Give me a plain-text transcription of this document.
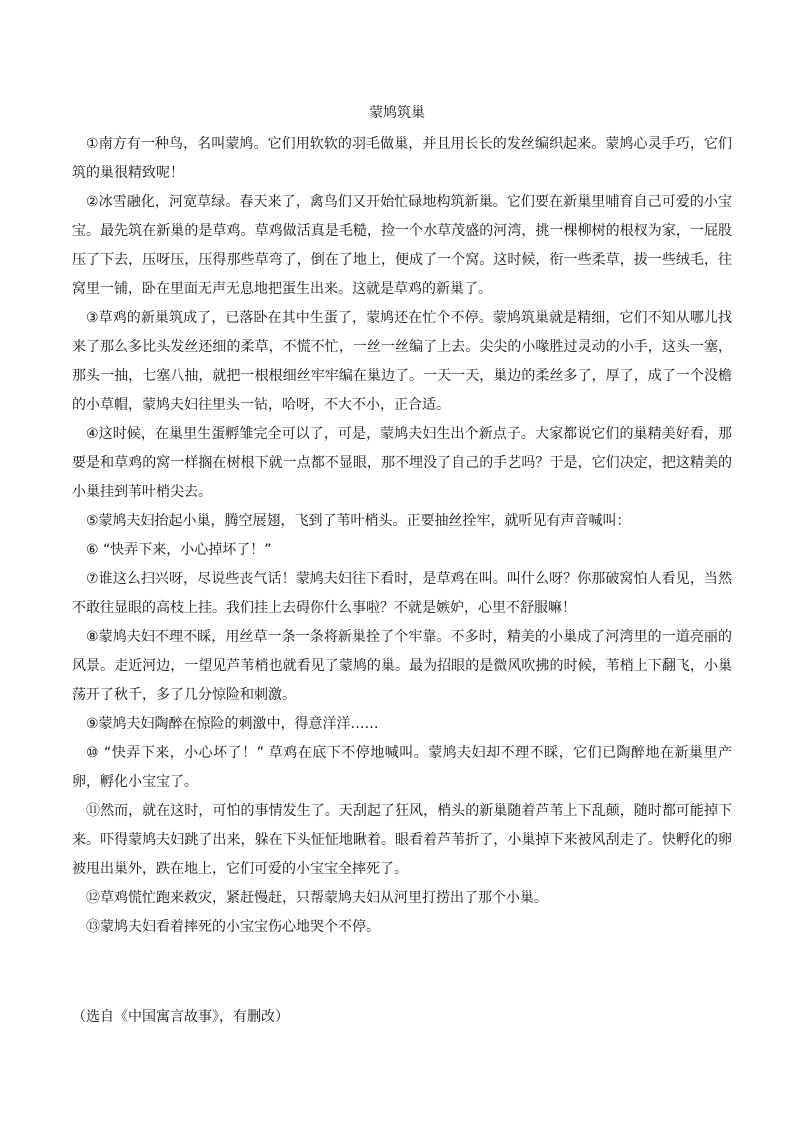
蒙鸠筑巢

①南方有一种鸟，名叫蒙鸠。它们用软软的羽毛做巢，并且用长长的发丝编织起来。蒙鸠心灵手巧，它们筑的巢很精致呢！

②冰雪融化，河宽草绿。春天来了，禽鸟们又开始忙碌地构筑新巢。它们要在新巢里哺育自己可爱的小宝宝。最先筑在新巢的是草鸡。草鸡做活真是毛糙，捡一个水草茂盛的河湾，挑一棵柳树的根杈为家，一屁股压了下去，压呀压，压得那些草弯了，倒在了地上，便成了一个窝。这时候，衔一些柔草，拔一些绒毛，往窝里一铺，卧在里面无声无息地把蛋生出来。这就是草鸡的新巢了。

③草鸡的新巢筑成了，已落卧在其中生蛋了，蒙鸠还在忙个不停。蒙鸠筑巢就是精细，它们不知从哪儿找来了那么多比头发丝还细的柔草，不慌不忙，一丝一丝编了上去。尖尖的小喙胜过灵动的小手，这头一塞，那头一抽，七塞八抽，就把一根根细丝牢牢编在巢边了。一天一天，巢边的柔丝多了，厚了，成了一个没檐的小草帽，蒙鸠夫妇往里头一钻，哈呀，不大不小，正合适。

④这时候，在巢里生蛋孵雏完全可以了，可是，蒙鸠夫妇生出个新点子。大家都说它们的巢精美好看，那要是和草鸡的窝一样搁在树根下就一点都不显眼，那不埋没了自己的手艺吗？于是，它们决定，把这精美的小巢挂到苇叶梢尖去。

⑤蒙鸠夫妇抬起小巢，腾空展翅，飞到了苇叶梢头。正要抽丝拴牢，就听见有声音喊叫：

⑥ “快弄下来，小心掉坏了！”

⑦谁这么扫兴呀，尽说些丧气话！蒙鸠夫妇往下看时，是草鸡在叫。叫什么呀？你那破窝怕人看见，当然不敢往显眼的高枝上挂。我们挂上去碍你什么事啦？不就是嫉妒，心里不舒服嘛！

⑧蒙鸠夫妇不理不睬，用丝草一条一条将新巢拴了个牢靠。不多时，精美的小巢成了河湾里的一道亮丽的风景。走近河边，一望见芦苇梢也就看见了蒙鸠的巢。最为招眼的是微风吹拂的时候，苇梢上下翻飞，小巢荡开了秋千，多了几分惊险和刺激。

⑨蒙鸠夫妇陶醉在惊险的刺激中，得意洋洋……

⑩ “快弄下来，小心坏了！” 草鸡在底下不停地喊叫。蒙鸠夫妇却不理不睬，它们已陶醉地在新巢里产卵，孵化小宝宝了。

⑪然而，就在这时，可怕的事情发生了。天刮起了狂风，梢头的新巢随着芦苇上下乱颠，随时都可能掉下来。吓得蒙鸠夫妇跳了出来，躲在下头怔怔地瞅着。眼看着芦苇折了，小巢掉下来被风刮走了。快孵化的卵被甩出巢外，跌在地上，它们可爱的小宝宝全摔死了。

⑫草鸡慌忙跑来救灾，紧赶慢赶，只帮蒙鸠夫妇从河里打捞出了那个小巢。

⑬蒙鸠夫妇看着摔死的小宝宝伤心地哭个不停。

（选自《中国寓言故事》，有删改）
